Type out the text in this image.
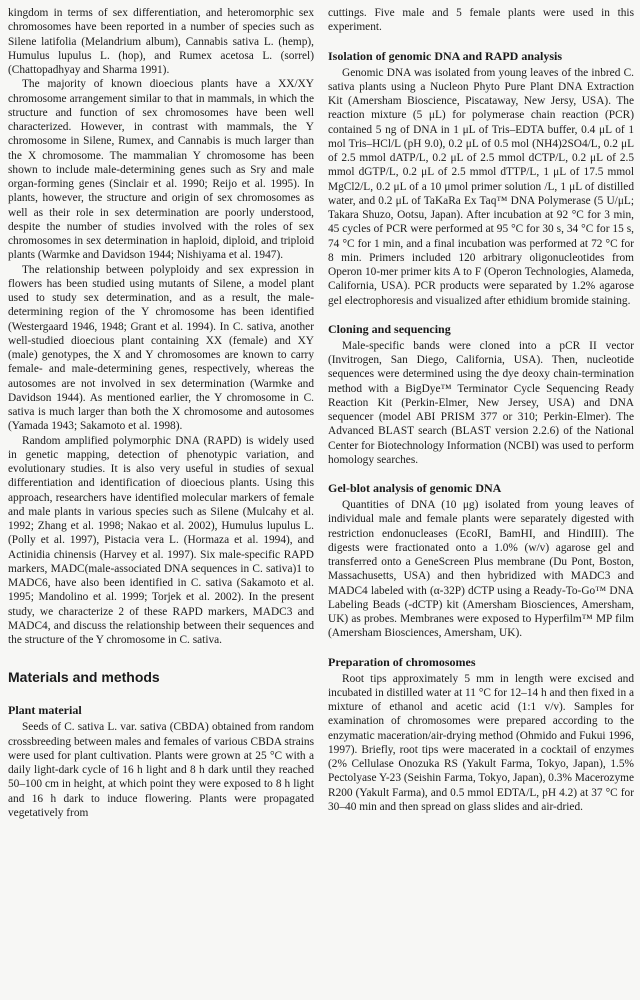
kingdom in terms of sex differentiation, and heteromorphic sex chromosomes have been reported in a number of species such as Silene latifolia (Melandrium album), Cannabis sativa L. (hemp), Humulus lupulus L. (hop), and Rumex acetosa L. (sorrel) (Chattopadhyay and Sharma 1991).

The majority of known dioecious plants have a XX/XY chromosome arrangement similar to that in mammals, in which the structure and function of sex chromosomes have been well characterized. However, in contrast with mammals, the Y chromosome in Silene, Rumex, and Cannabis is much larger than the X chromosome. The mammalian Y chromosome has been shown to include male-determining genes such as Sry and male organ-forming genes (Sinclair et al. 1990; Reijo et al. 1995). In plants, however, the structure and origin of sex chromosomes as well as their role in sex determination are poorly understood, despite the number of studies involved with the roles of sex chromosomes in sex determination in haploid, diploid, and triploid plants (Warmke and Davidson 1944; Nishiyama et al. 1947).

The relationship between polyploidy and sex expression in flowers has been studied using mutants of Silene, a model plant used to study sex determination, and as a result, the male-determining region of the Y chromosome has been identified (Westergaard 1946, 1948; Grant et al. 1994). In C. sativa, another well-studied dioecious plant containing XX (female) and XY (male) genotypes, the X and Y chromosomes are known to carry female- and male-determining genes, respectively, whereas the autosomes are not involved in sex determination (Warmke and Davidson 1944). As mentioned earlier, the Y chromosome in C. sativa is much larger than both the X chromosome and autosomes (Yamada 1943; Sakamoto et al. 1998).

Random amplified polymorphic DNA (RAPD) is widely used in genetic mapping, detection of phenotypic variation, and evolutionary studies. It is also very useful in studies of sexual differentiation and identification of dioecious plants. Using this approach, researchers have identified molecular markers of female and male plants in various species such as Silene (Mulcahy et al. 1992; Zhang et al. 1998; Nakao et al. 2002), Humulus lupulus L. (Polly et al. 1997), Pistacia vera L. (Hormaza et al. 1994), and Actinidia chinensis (Harvey et al. 1997). Six male-specific RAPD markers, MADC(male-associated DNA sequences in C. sativa)1 to MADC6, have also been identified in C. sativa (Sakamoto et al. 1995; Mandolino et al. 1999; Torjek et al. 2002). In the present study, we characterize 2 of these RAPD markers, MADC3 and MADC4, and discuss the relationship between their sequences and the structure of the Y chromosome in C. sativa.

Materials and methods
Plant material

Seeds of C. sativa L. var. sativa (CBDA) obtained from random crossbreeding between males and females of various CBDA strains were used for plant cultivation. Plants were grown at 25 °C with a daily light-dark cycle of 16 h light and 8 h dark until they reached 50–100 cm in height, at which point they were exposed to 8 h light and 16 h dark to induce flowering. Plants were propagated vegetatively from

cuttings. Five male and 5 female plants were used in this experiment.

Isolation of genomic DNA and RAPD analysis

Genomic DNA was isolated from young leaves of the inbred C. sativa plants using a Nucleon Phyto Pure Plant DNA Extraction Kit (Amersham Bioscience, Piscataway, New Jersy, USA). The reaction mixture (5 μL) for polymerase chain reaction (PCR) contained 5 ng of DNA in 1 μL of Tris–EDTA buffer, 0.4 μL of 1 mol Tris–HCl/L (pH 9.0), 0.2 μL of 0.5 mol (NH4)2SO4/L, 0.2 μL of 2.5 mmol dATP/L, 0.2 μL of 2.5 mmol dCTP/L, 0.2 μL of 2.5 mmol dGTP/L, 0.2 μL of 2.5 mmol dTTP/L, 1 μL of 17.5 mmol MgCl2/L, 0.2 μL of a 10 μmol primer solution /L, 1 μL of distilled water, and 0.2 μL of TaKaRa Ex Taq™ DNA Polymerase (5 U/μL; Takara Shuzo, Ootsu, Japan). After incubation at 92 °C for 3 min, 45 cycles of PCR were performed at 95 °C for 30 s, 34 °C for 15 s, 74 °C for 1 min, and a final incubation was performed at 72 °C for 8 min. Primers included 120 arbitrary oligonucleotides from Operon 10-mer primer kits A to F (Operon Technologies, Alameda, California, USA). PCR products were separated by 1.2% agarose gel electrophoresis and visualized after ethidium bromide staining.

Cloning and sequencing

Male-specific bands were cloned into a pCR II vector (Invitrogen, San Diego, California, USA). Then, nucleotide sequences were determined using the dye deoxy chain-termination method with a BigDye™ Terminator Cycle Sequencing Ready Reaction Kit (Perkin-Elmer, New Jersey, USA) and DNA sequencer (model ABI PRISM 377 or 310; Perkin-Elmer). The Advanced BLAST search (BLAST version 2.2.6) of the National Center for Biotechnology Information (NCBI) was used to perform homology searches.

Gel-blot analysis of genomic DNA

Quantities of DNA (10 μg) isolated from young leaves of individual male and female plants were separately digested with restriction endonucleases (EcoRI, BamHI, and HindIII). The digests were fractionated onto a 1.0% (w/v) agarose gel and transferred onto a GeneScreen Plus membrane (Du Pont, Boston, Massachusetts, USA) and then hybridized with MADC3 and MADC4 labeled with (α-32P) dCTP using a Ready-To-Go™ DNA Labeling Beads (-dCTP) kit (Amersham Biosciences, Amersham, UK) as probes. Membranes were exposed to Hyperfilm™ MP film (Amersham Biosciences, Amersham, UK).

Preparation of chromosomes

Root tips approximately 5 mm in length were excised and incubated in distilled water at 11 °C for 12–14 h and then fixed in a mixture of ethanol and acetic acid (1:1 v/v). Samples for examination of chromosomes were prepared according to the enzymatic maceration/air-drying method (Ohmido and Fukui 1996, 1997). Briefly, root tips were macerated in a cocktail of enzymes (2% Cellulase Onozuka RS (Yakult Farma, Tokyo, Japan), 1.5% Pectolyase Y-23 (Seishin Farma, Tokyo, Japan), 0.3% Macerozyme R200 (Yakult Farma), and 0.5 mmol EDTA/L, pH 4.2) at 37 °C for 30–40 min and then spread on glass slides and air-dried.
